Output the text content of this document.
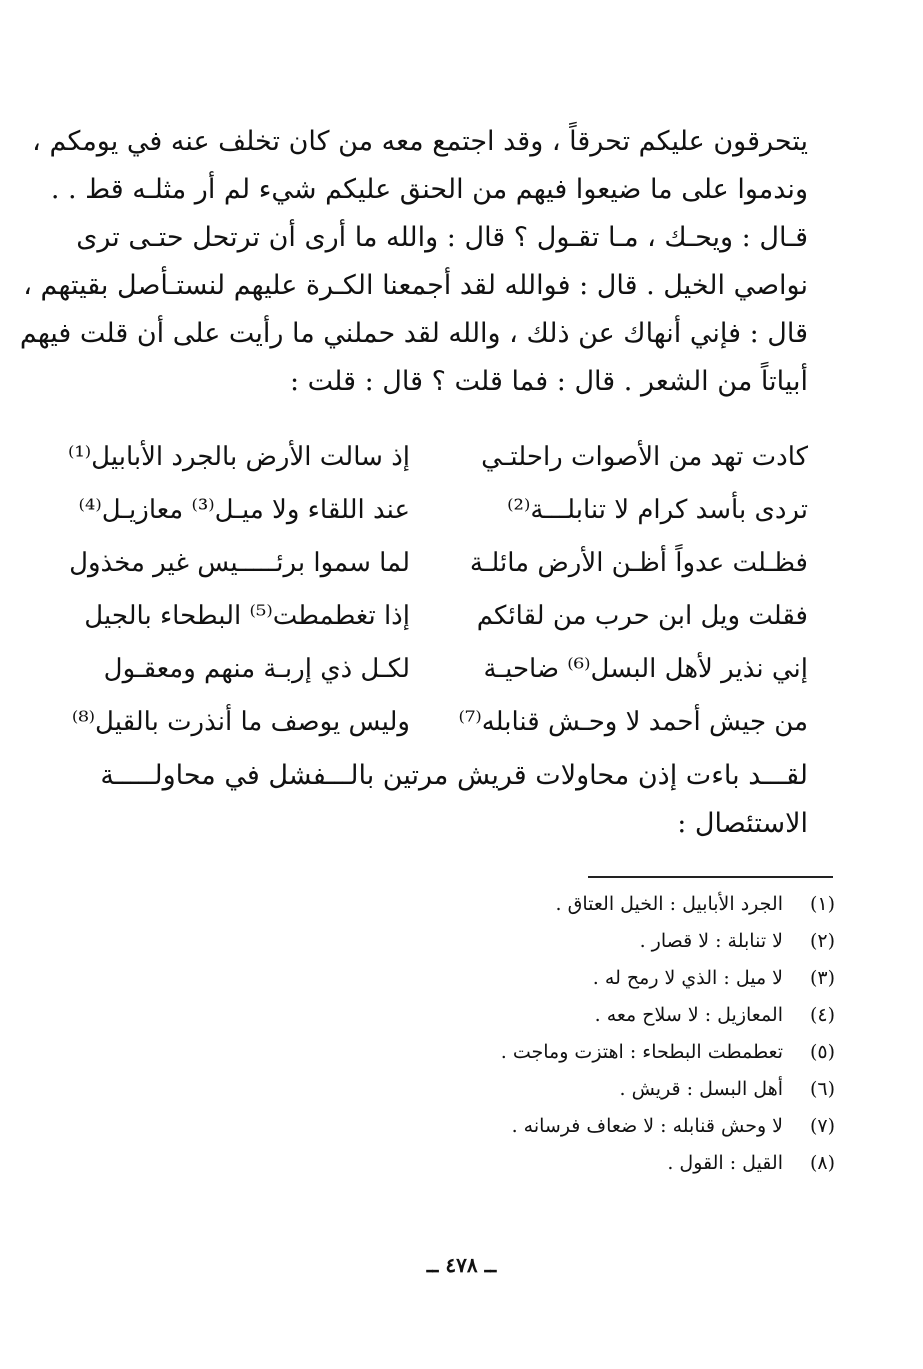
يتحرقون عليكم تحرقاً ، وقد اجتمع معه من كان تخلف عنه في يومكم ،
وندموا على ما ضيعوا فيهم من الحنق عليكم شيء لم أر مثلـه قط . .
قـال : ويحـك ، مـا تقـول ؟ قال : والله ما أرى أن ترتحل حتـى ترى
نواصي الخيل . قال : فوالله لقد أجمعنا الكـرة عليهم لنستـأصل بقيتهم ،
قال : فإني أنهاك عن ذلك ، والله لقد حملني ما رأيت على أن قلت فيهم
أبياتاً من الشعر . قال : فما قلت ؟ قال : قلت :
كادت تهد من الأصوات راحلتـي
إذ سالت الأرض بالجرد الأبابيل⁽¹⁾
تردى بأسد كرام لا تنابلـــة⁽²⁾
عند اللقاء ولا ميـل⁽³⁾ معازيـل⁽⁴⁾
فظـلت عدواً أظـن الأرض مائلـة
لما سموا برئـــــيس غير مخذول
فقلت ويل ابن حرب من لقائكم
إذا تغطمطت⁽⁵⁾ البطحاء بالجيل
إني نذير لأهل البسل⁽⁶⁾ ضاحيـة
لكـل ذي إربـة منهم ومعقـول
من جيش أحمد لا وحـش قنابله⁽⁷⁾
وليس يوصف ما أنذرت بالقيل⁽⁸⁾
لقـــد باءت إذن محاولات قريش مرتين بالـــفشل في محاولـــــة
الاستئصال :
(١)
الجرد الأبابيل : الخيل العتاق .
(٢)
لا تنابلة : لا قصار .
(٣)
لا ميل : الذي لا رمح له .
(٤)
المعازيل : لا سلاح معه .
(٥)
تعطمطت البطحاء : اهتزت وماجت .
(٦)
أهل البسل : قريش .
(٧)
لا وحش قنابله : لا ضعاف فرسانه .
(٨)
القيل : القول .
ــ ٤٧٨ ــ
